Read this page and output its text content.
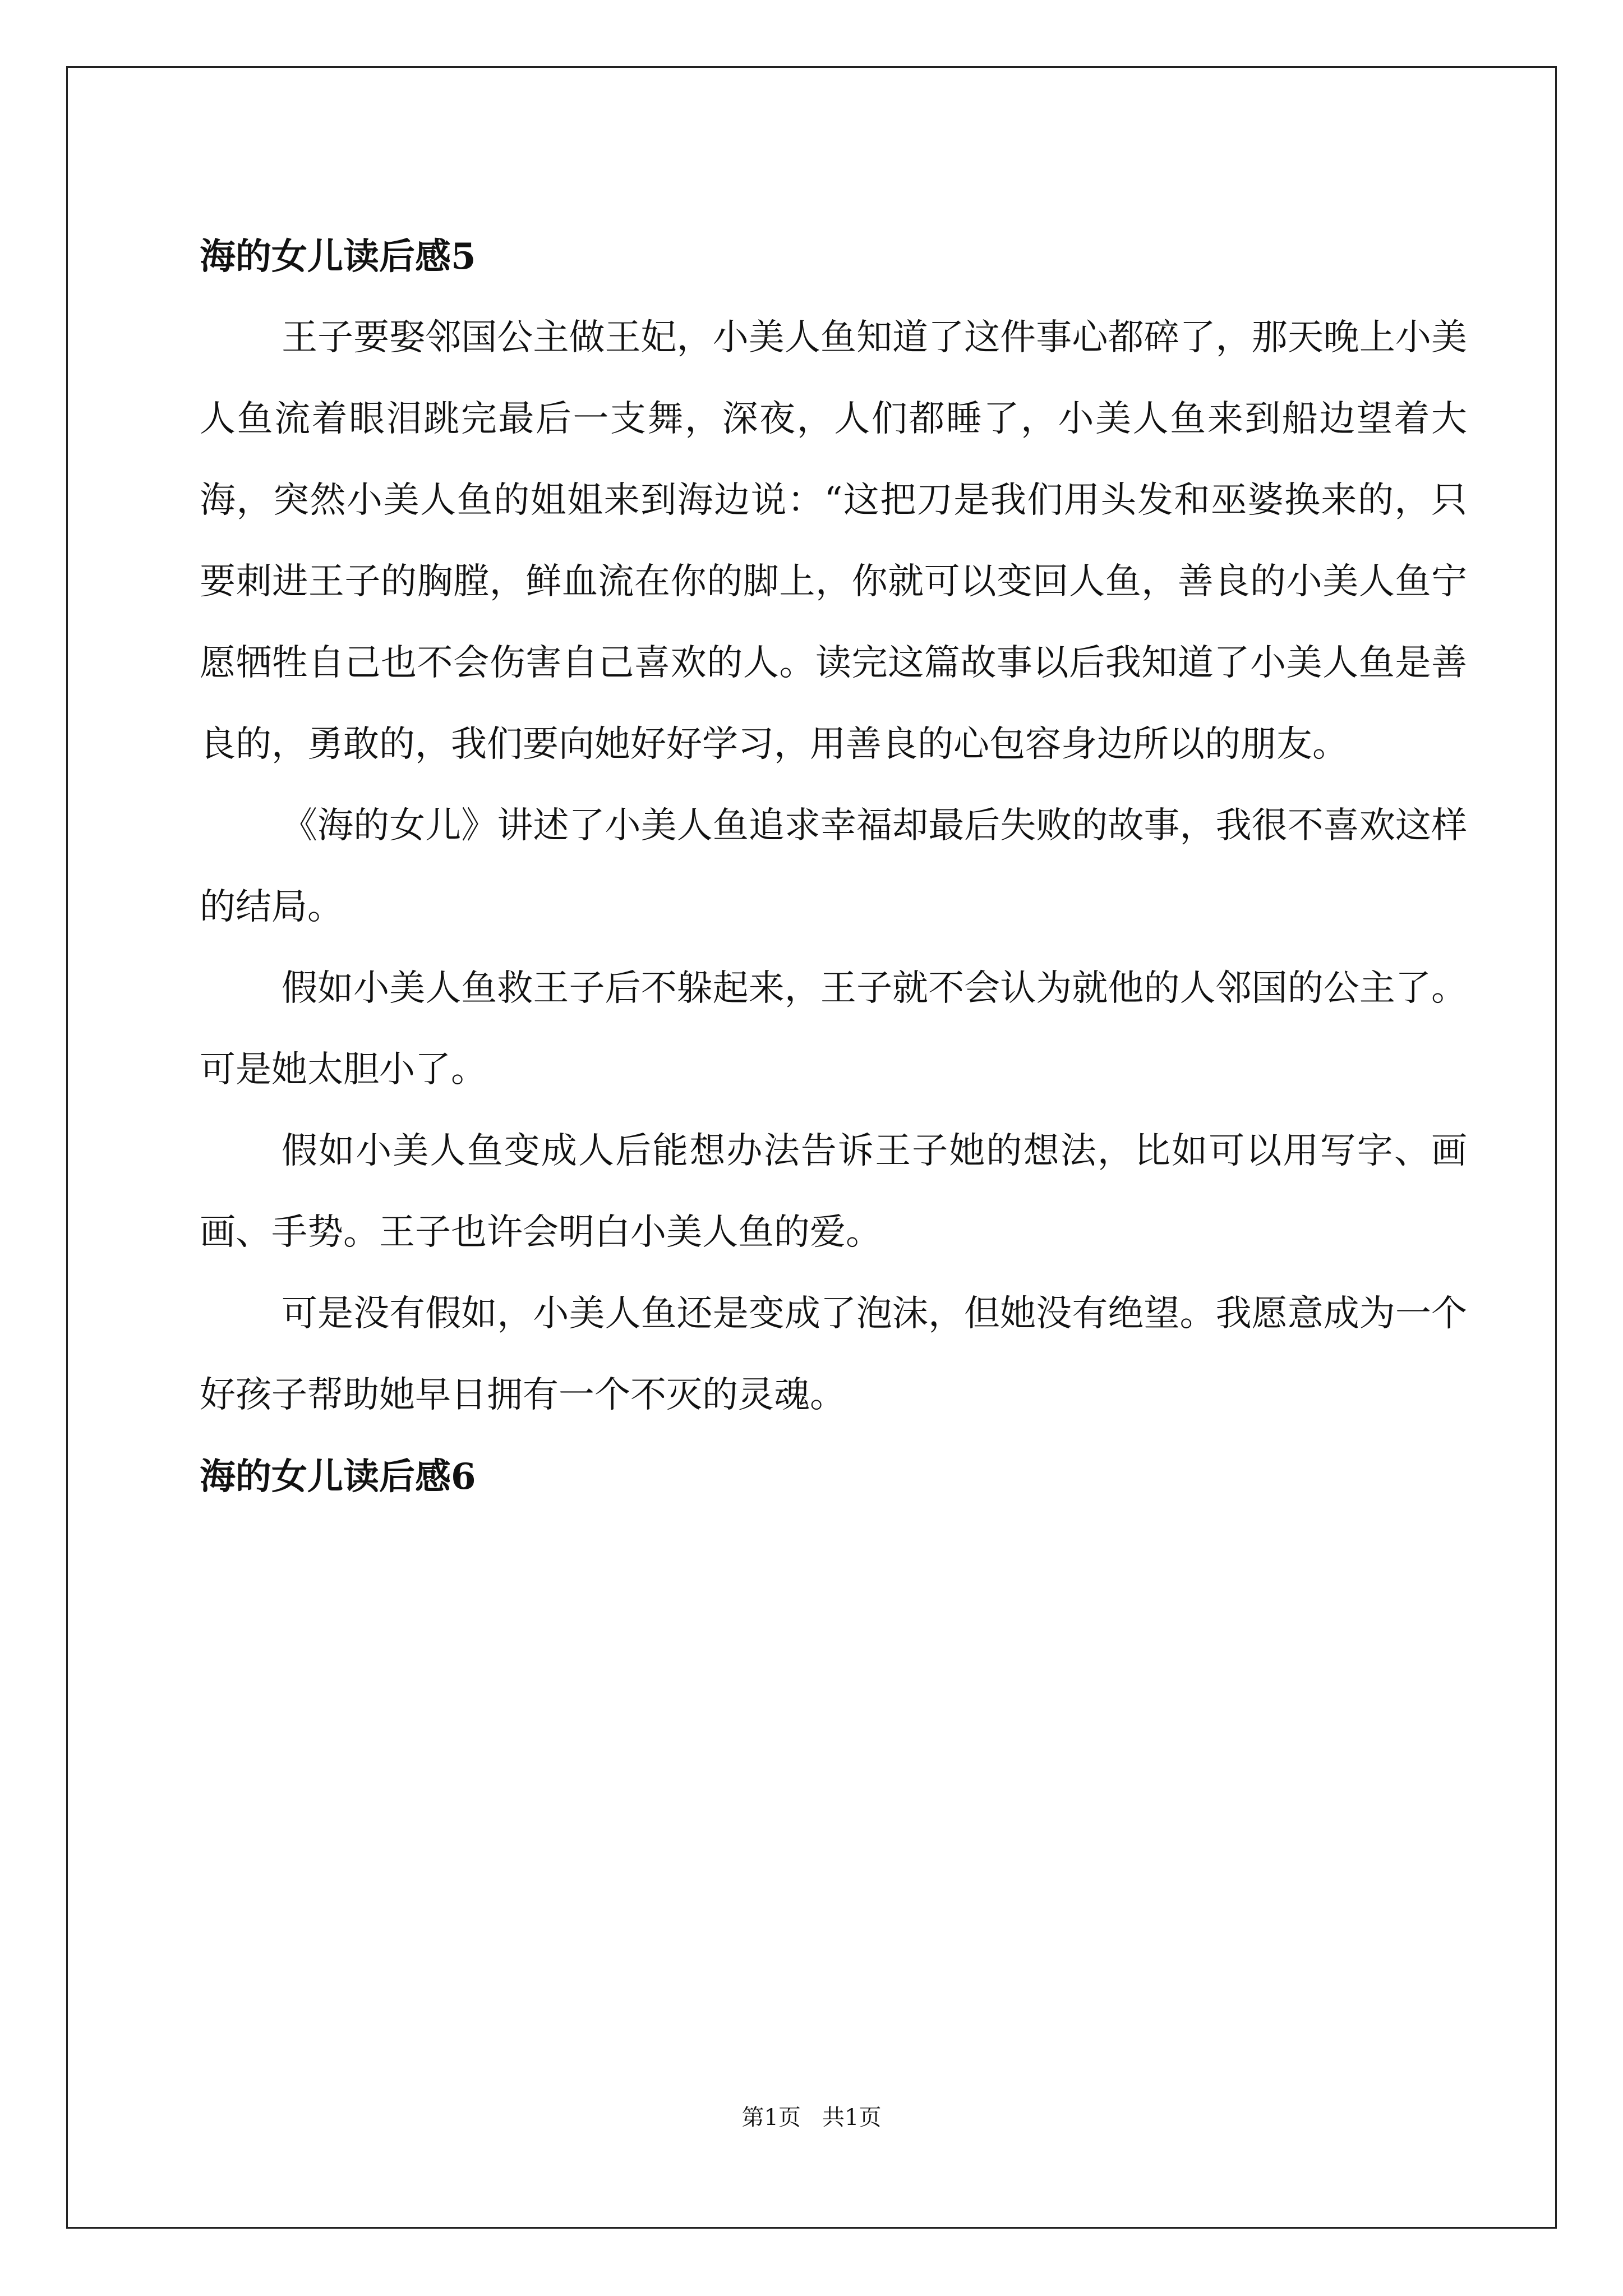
海的女儿读后感5

王子要娶邻国公主做王妃，小美人鱼知道了这件事心都碎了，那天晚上小美人鱼流着眼泪跳完最后一支舞，深夜，人们都睡了，小美人鱼来到船边望着大海，突然小美人鱼的姐姐来到海边说：“这把刀是我们用头发和巫婆换来的，只要刺进王子的胸膛，鲜血流在你的脚上，你就可以变回人鱼，善良的小美人鱼宁愿牺牲自己也不会伤害自己喜欢的人。读完这篇故事以后我知道了小美人鱼是善良的，勇敢的，我们要向她好好学习，用善良的心包容身边所以的朋友。

《海的女儿》讲述了小美人鱼追求幸福却最后失败的故事，我很不喜欢这样的结局。

假如小美人鱼救王子后不躲起来，王子就不会认为就他的人邻国的公主了。可是她太胆小了。

假如小美人鱼变成人后能想办法告诉王子她的想法，比如可以用写字、画画、手势。王子也许会明白小美人鱼的爱。

可是没有假如，小美人鱼还是变成了泡沫，但她没有绝望。我愿意成为一个好孩子帮助她早日拥有一个不灭的灵魂。

海的女儿读后感6
第1页   共1页
